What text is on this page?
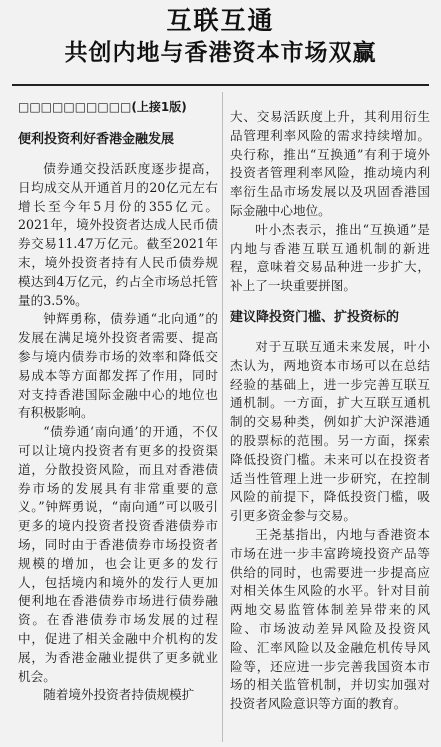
互联互通
共创内地与香港资本市场双赢
□□□□□□□□□□(上接1版)
便利投资利好香港金融发展

债券通交投活跃度逐步提高，日均成交从开通首月的20亿元左右增长至今年5月份的355亿元。2021年，境外投资者达成人民币债券交易11.47万亿元。截至2021年末，境外投资者持有人民币债券规模达到4万亿元，约占全市场总托管量的3.5%。

钟辉勇称，债券通“北向通”的发展在满足境外投资者需要、提高参与境内债券市场的效率和降低交易成本等方面都发挥了作用，同时对支持香港国际金融中心的地位也有积极影响。

“债券通‘南向通’的开通，不仅可以让境内投资者有更多的投资渠道，分散投资风险，而且对香港债券市场的发展具有非常重要的意义。”钟辉勇说，“南向通”可以吸引更多的境内投资者投资香港债券市场，同时由于香港债券市场投资者规模的增加，也会让更多的发行人，包括境内和境外的发行人更加便利地在香港债券市场进行债券融资。在香港债券市场发展的过程中，促进了相关金融中介机构的发展，为香港金融业提供了更多就业机会。

随着境外投资者持债规模扩

大、交易活跃度上升，其利用衍生品管理利率风险的需求持续增加。央行称，推出“互换通”有利于境外投资者管理利率风险，推动境内利率衍生品市场发展以及巩固香港国际金融中心地位。

叶小杰表示，推出“互换通”是内地与香港互联互通机制的新进程，意味着交易品种进一步扩大，补上了一块重要拼图。

建议降投资门槛、扩投资标的

对于互联互通未来发展，叶小杰认为，两地资本市场可以在总结经验的基础上，进一步完善互联互通机制。一方面，扩大互联互通机制的交易种类，例如扩大沪深港通的股票标的范围。另一方面，探索降低投资门槛。未来可以在投资者适当性管理上进一步研究，在控制风险的前提下，降低投资门槛，吸引更多资金参与交易。

王尧基指出，内地与香港资本市场在进一步丰富跨境投资产品等供给的同时，也需要进一步提高应对相关体生风险的水平。针对目前两地交易监管体制差异带来的风险、市场波动差异风险及投资风险、汇率风险以及金融危机传导风险等，还应进一步完善我国资本市场的相关监管机制，并切实加强对投资者风险意识等方面的教育。
